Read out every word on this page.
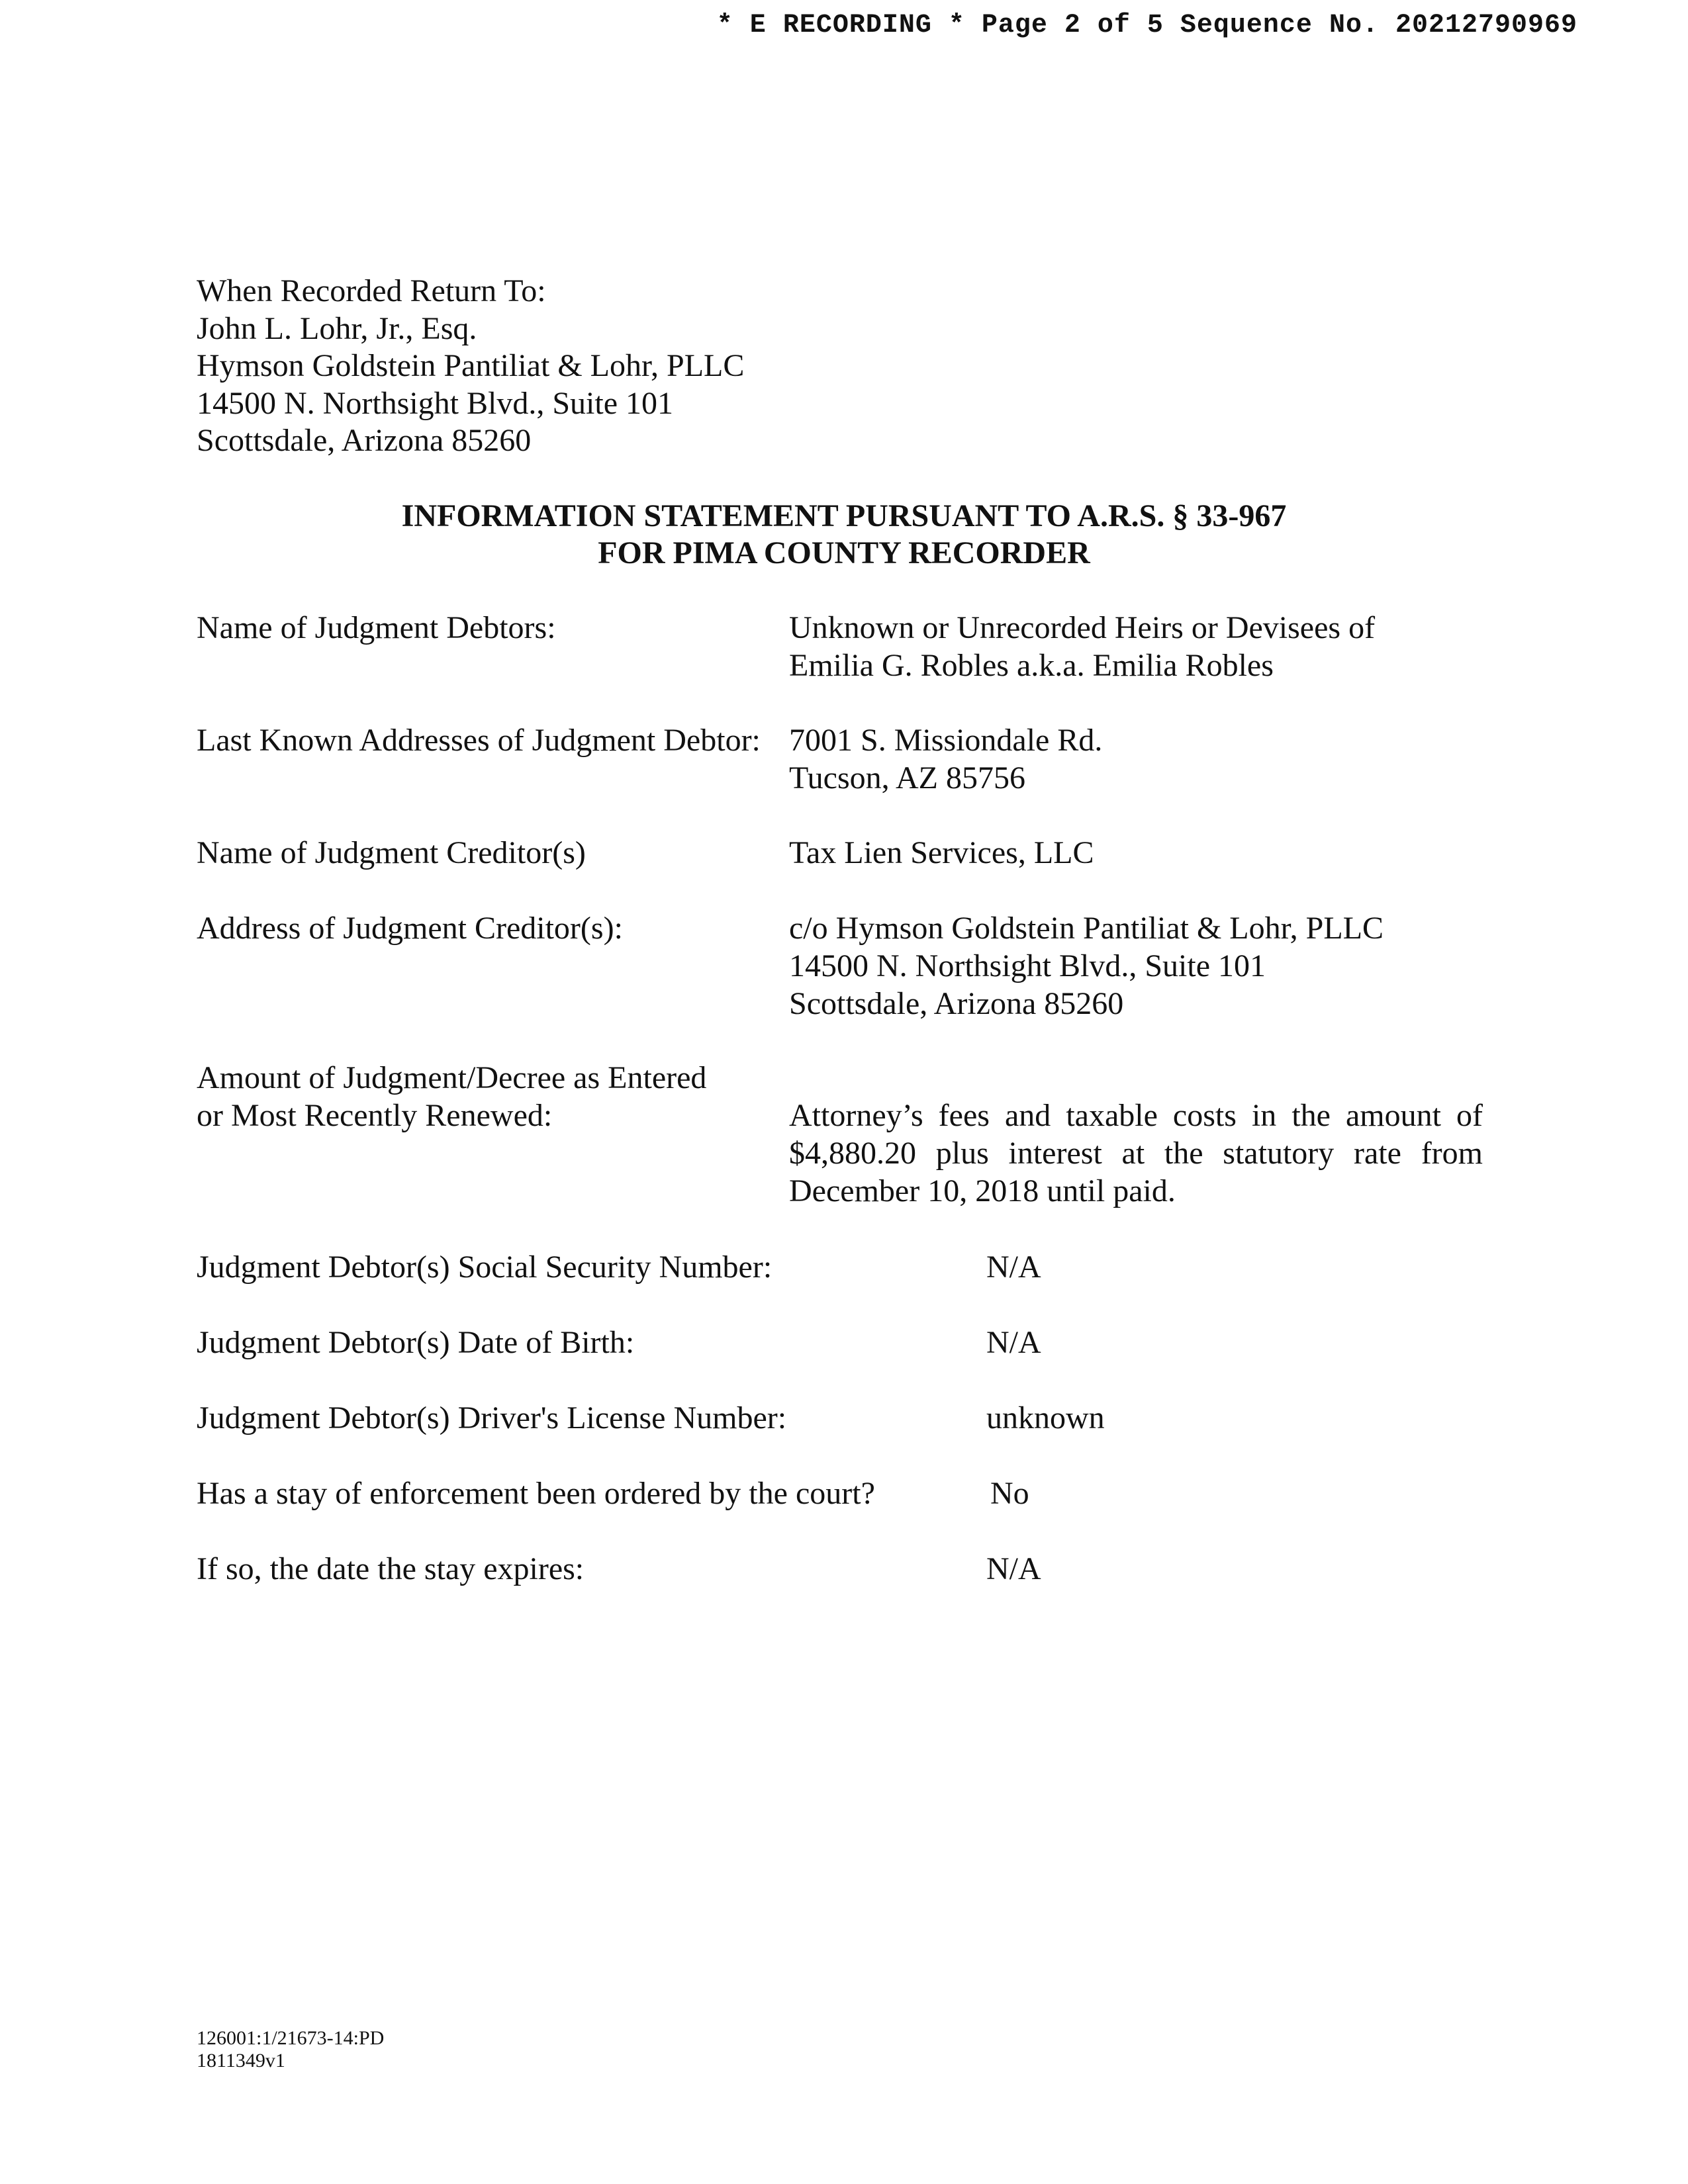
* E RECORDING * Page 2 of 5 Sequence No. 20212790969
When Recorded Return To:
John L. Lohr, Jr., Esq.
Hymson Goldstein Pantiliat & Lohr, PLLC
14500 N. Northsight Blvd., Suite 101
Scottsdale, Arizona 85260
INFORMATION STATEMENT PURSUANT TO A.R.S. § 33-967
FOR PIMA COUNTY RECORDER
Name of Judgment Debtors:	Unknown or Unrecorded Heirs or Devisees of
Emilia G. Robles a.k.a. Emilia Robles
Last Known Addresses of Judgment Debtor: 7001 S. Missiondale Rd.
Tucson, AZ 85756
Name of Judgment Creditor(s)	Tax Lien Services, LLC
Address of Judgment Creditor(s):	c/o Hymson Goldstein Pantiliat & Lohr, PLLC
14500 N. Northsight Blvd., Suite 101
Scottsdale, Arizona 85260
Amount of Judgment/Decree as Entered
or Most Recently Renewed:	Attorney’s fees and taxable costs in the amount of $4,880.20 plus interest at the statutory rate from December 10, 2018 until paid.
Judgment Debtor(s) Social Security Number:	N/A
Judgment Debtor(s) Date of Birth:	N/A
Judgment Debtor(s) Driver's License Number:	unknown
Has a stay of enforcement been ordered by the court?	No
If so, the date the stay expires:	N/A
126001:1/21673-14:PD
1811349v1
